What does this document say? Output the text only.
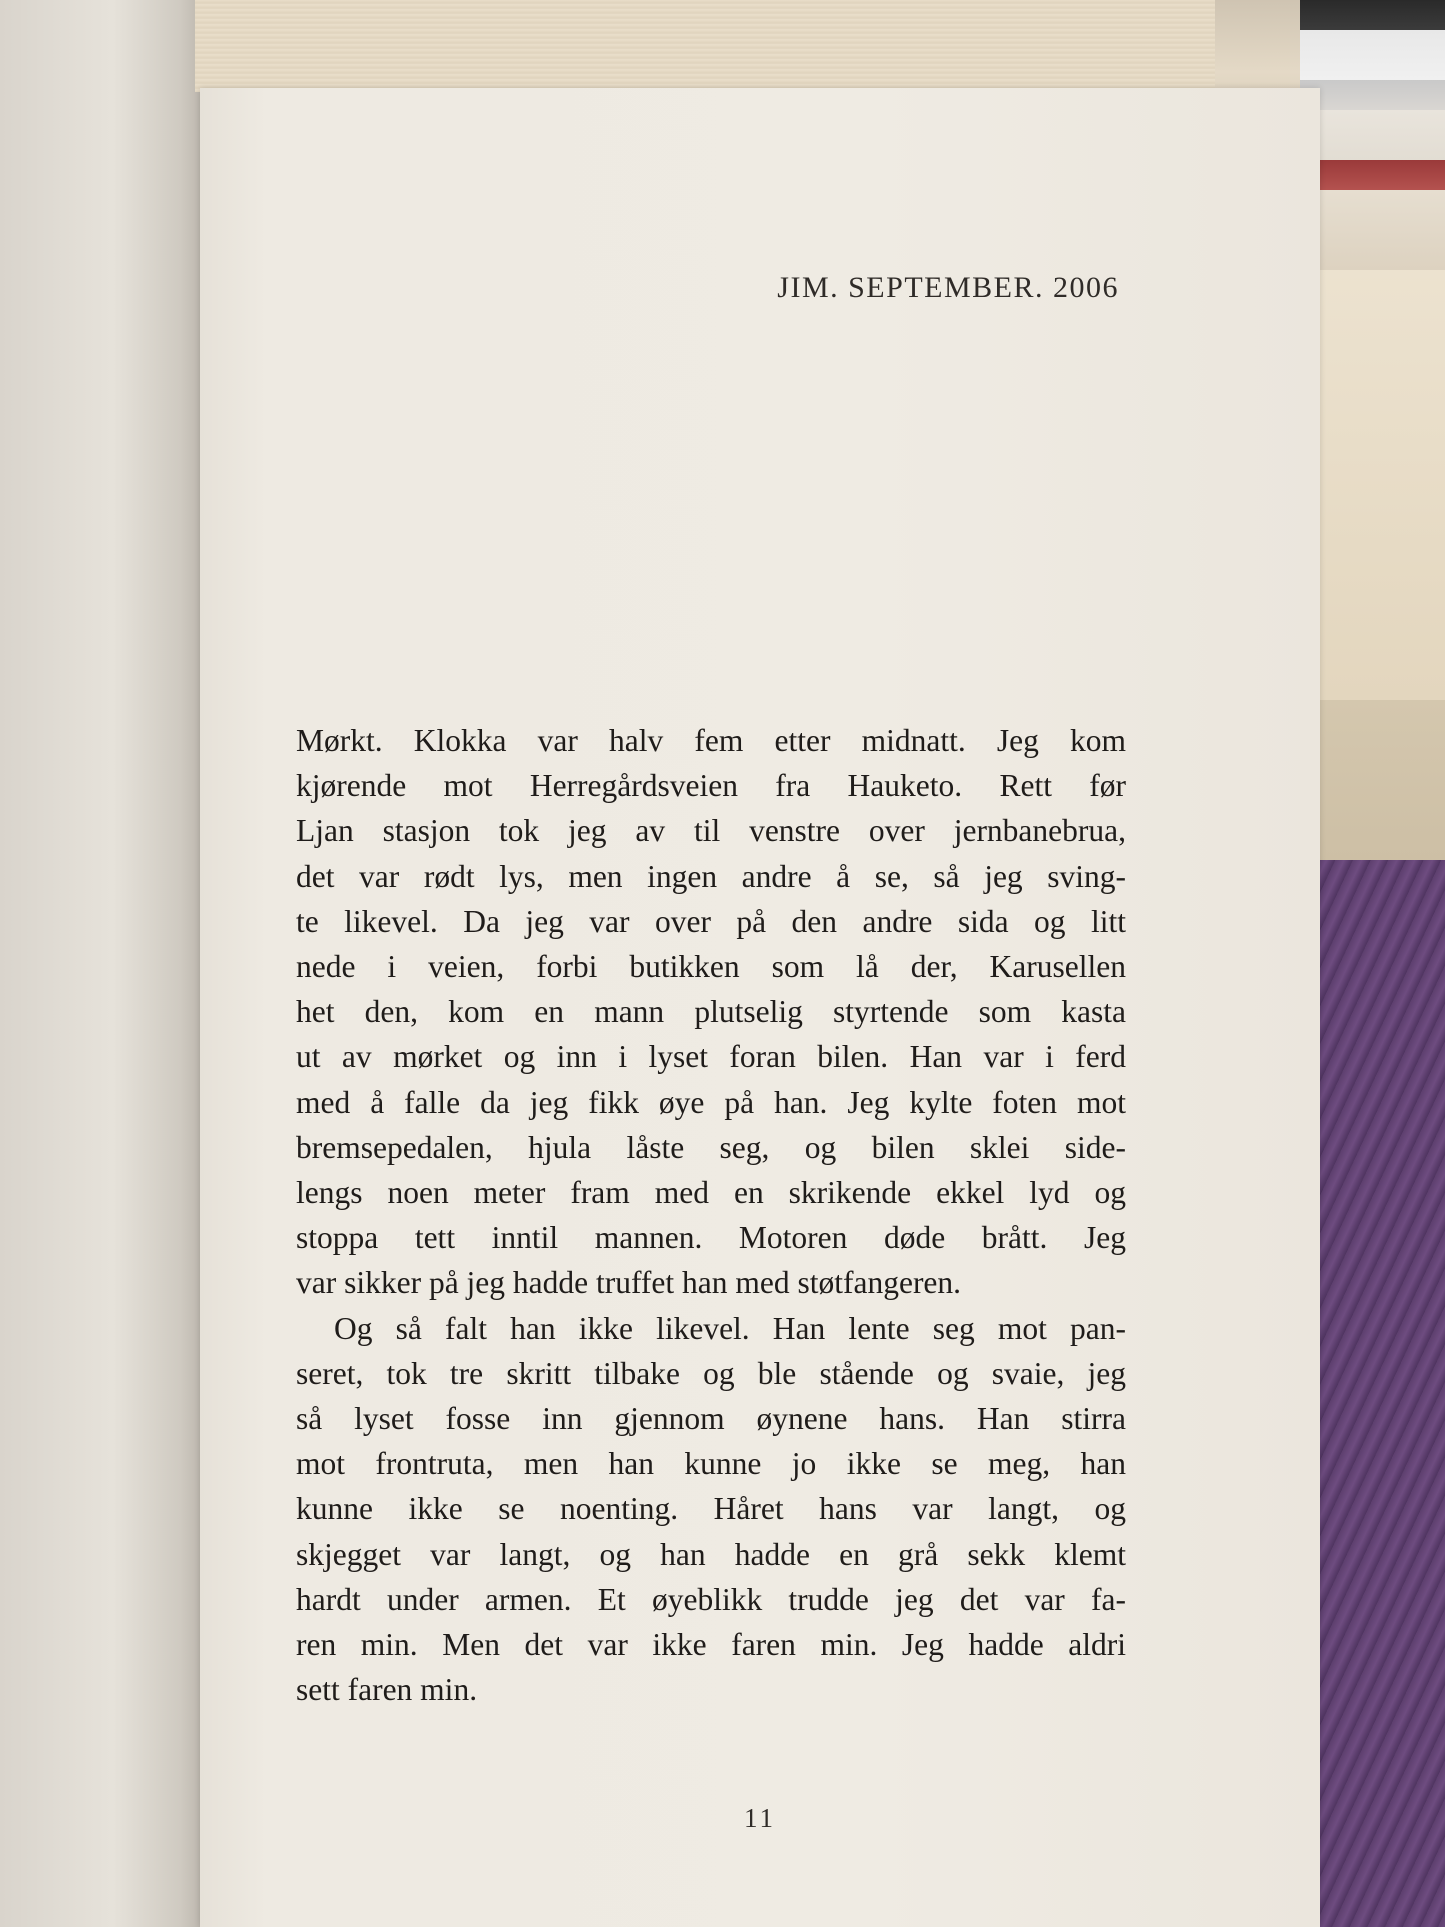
JIM. SEPTEMBER. 2006
Mørkt. Klokka var halv fem etter midnatt. Jeg kom
kjørende mot Herregårdsveien fra Hauketo. Rett før
Ljan stasjon tok jeg av til venstre over jernbanebrua,
det var rødt lys, men ingen andre å se, så jeg sving-
te likevel. Da jeg var over på den andre sida og litt
nede i veien, forbi butikken som lå der, Karusellen
het den, kom en mann plutselig styrtende som kasta
ut av mørket og inn i lyset foran bilen. Han var i ferd
med å falle da jeg fikk øye på han. Jeg kylte foten mot
bremsepedalen, hjula låste seg, og bilen sklei side-
lengs noen meter fram med en skrikende ekkel lyd og
stoppa tett inntil mannen. Motoren døde brått. Jeg
var sikker på jeg hadde truffet han med støtfangeren.
Og så falt han ikke likevel. Han lente seg mot pan-
seret, tok tre skritt tilbake og ble stående og svaie, jeg
så lyset fosse inn gjennom øynene hans. Han stirra
mot frontruta, men han kunne jo ikke se meg, han
kunne ikke se noenting. Håret hans var langt, og
skjegget var langt, og han hadde en grå sekk klemt
hardt under armen. Et øyeblikk trudde jeg det var fa-
ren min. Men det var ikke faren min. Jeg hadde aldri
sett faren min.
11
